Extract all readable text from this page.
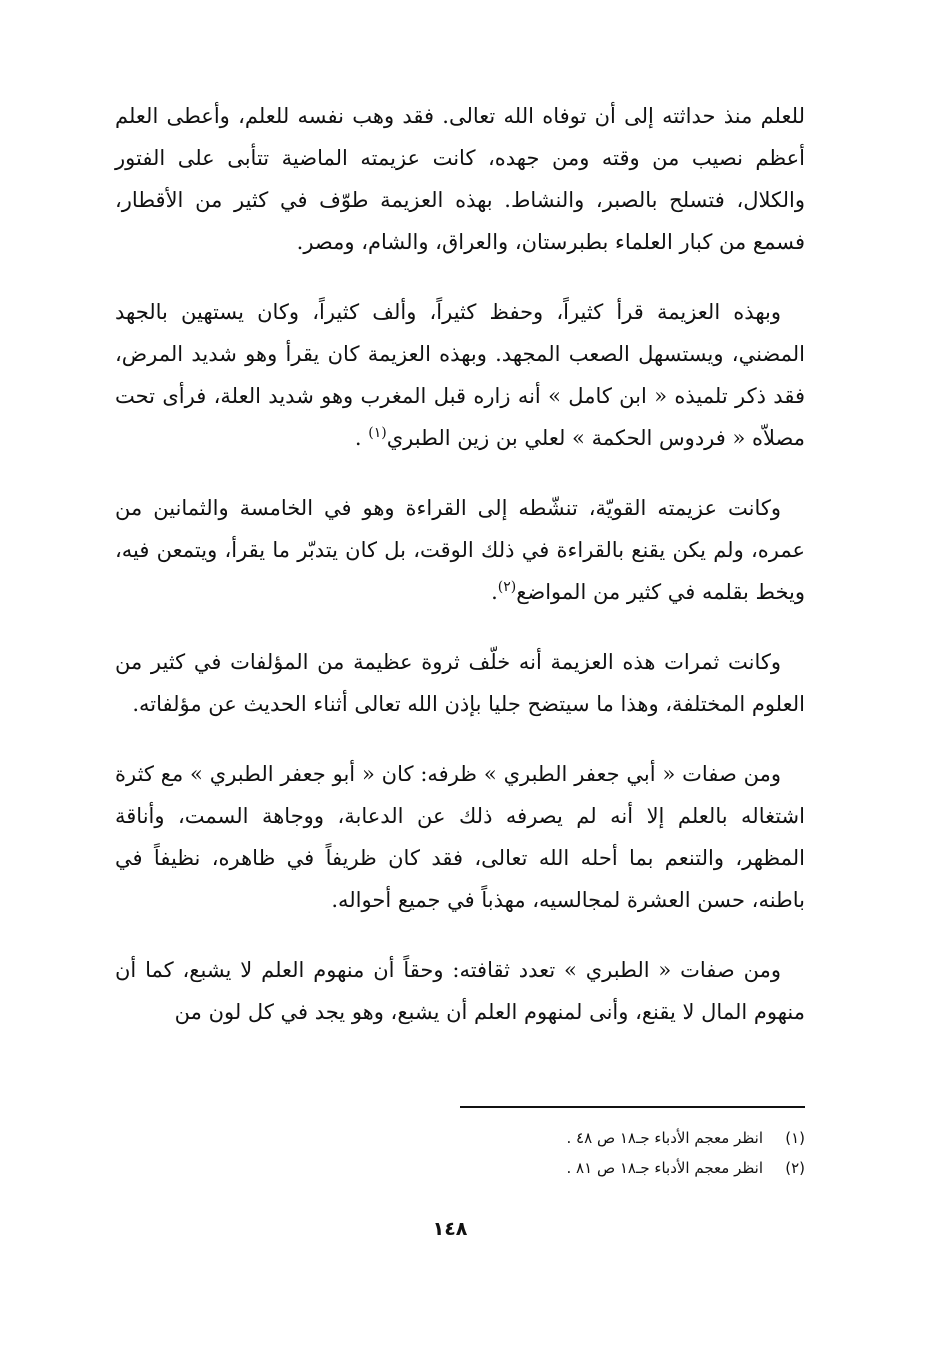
للعلم منذ حداثته إلى أن توفاه الله تعالى. فقد وهب نفسه للعلم، وأعطى العلم أعظم نصيب من وقته ومن جهده، كانت عزيمته الماضية تتأبى على الفتور والكلال، فتسلح بالصبر، والنشاط. بهذه العزيمة طوّف في كثير من الأقطار، فسمع من كبار العلماء بطبرستان، والعراق، والشام، ومصر.

وبهذه العزيمة قرأ كثيراً، وحفظ كثيراً، وألف كثيراً، وكان يستهين بالجهد المضني، ويستسهل الصعب المجهد. وبهذه العزيمة كان يقرأ وهو شديد المرض، فقد ذكر تلميذه « ابن كامل » أنه زاره قبل المغرب وهو شديد العلة، فرأى تحت مصلاّه « فردوس الحكمة » لعلي بن زين الطبري$^{(١)}$ .

وكانت عزيمته القويّة، تنشّطه إلى القراءة وهو في الخامسة والثمانين من عمره، ولم يكن يقنع بالقراءة في ذلك الوقت، بل كان يتدبّر ما يقرأ، ويتمعن فيه، ويخط بقلمه في كثير من المواضع$^{(٢)}$.

وكانت ثمرات هذه العزيمة أنه خلّف ثروة عظيمة من المؤلفات في كثير من العلوم المختلفة، وهذا ما سيتضح جليا بإذن الله تعالى أثناء الحديث عن مؤلفاته.

ومن صفات « أبي جعفر الطبري » ظرفه: كان « أبو جعفر الطبري » مع كثرة اشتغاله بالعلم إلا أنه لم يصرفه ذلك عن الدعابة، ووجاهة السمت، وأناقة المظهر، والتنعم بما أحله الله تعالى، فقد كان ظريفاً في ظاهره، نظيفاً في باطنه، حسن العشرة لمجالسيه، مهذباً في جميع أحواله.

ومن صفات « الطبري » تعدد ثقافته: وحقاً أن منهوم العلم لا يشبع، كما أن منهوم المال لا يقنع، وأنى لمنهوم العلم أن يشبع، وهو يجد في كل لون من

(١)
انظر معجم الأدباء جـ١٨ ص ٤٨ .
(٢)
انظر معجم الأدباء جـ١٨ ص ٨١ .
١٤٨
